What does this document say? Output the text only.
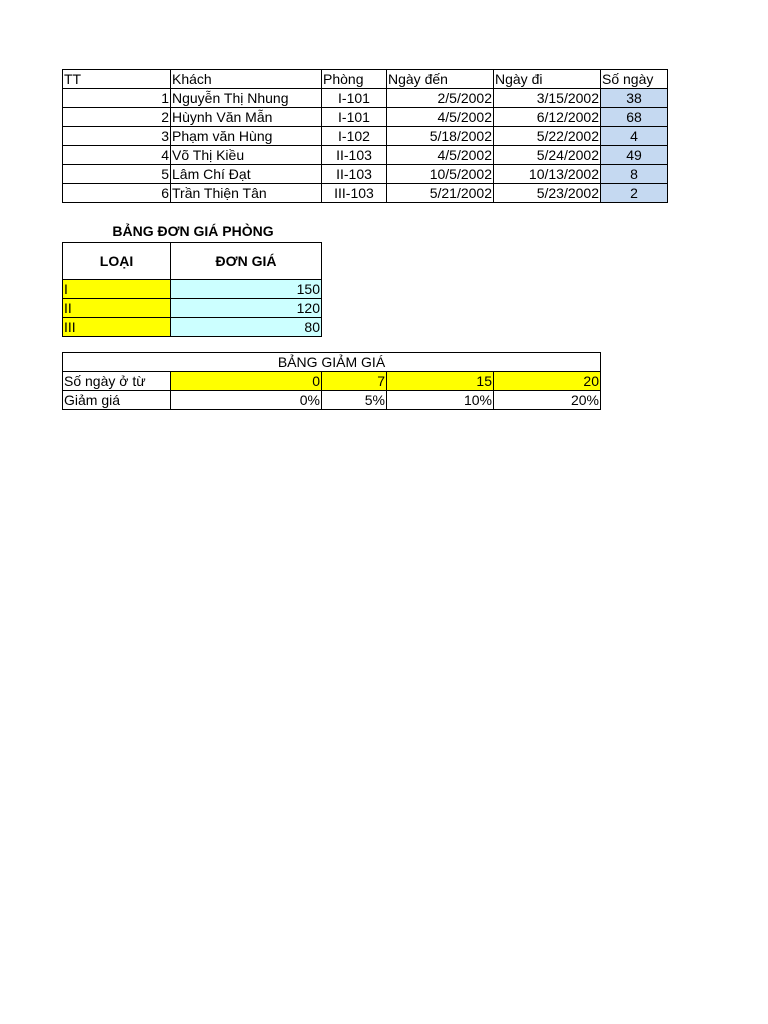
TT	Khách	Phòng	Ngày đến	Ngày đi	Số ngày
1	Nguyễn Thị Nhung	I-101	2/5/2002	3/15/2002	38
2	Hùynh Văn Mẫn	I-101	4/5/2002	6/12/2002	68
3	Phạm văn Hùng	I-102	5/18/2002	5/22/2002	4
4	Võ Thị Kiều	II-103	4/5/2002	5/24/2002	49
5	Lâm Chí Đạt	II-103	10/5/2002	10/13/2002	8
6	Trần Thiện Tân	III-103	5/21/2002	5/23/2002	2
BẢNG ĐƠN GIÁ PHÒNG
LOẠI	ĐƠN GIÁ
I	150
II	120
III	80
BẢNG GIẢM GIÁ				
Số ngày ở từ	0	7	15	20
Giảm giá	0%	5%	10%	20%
